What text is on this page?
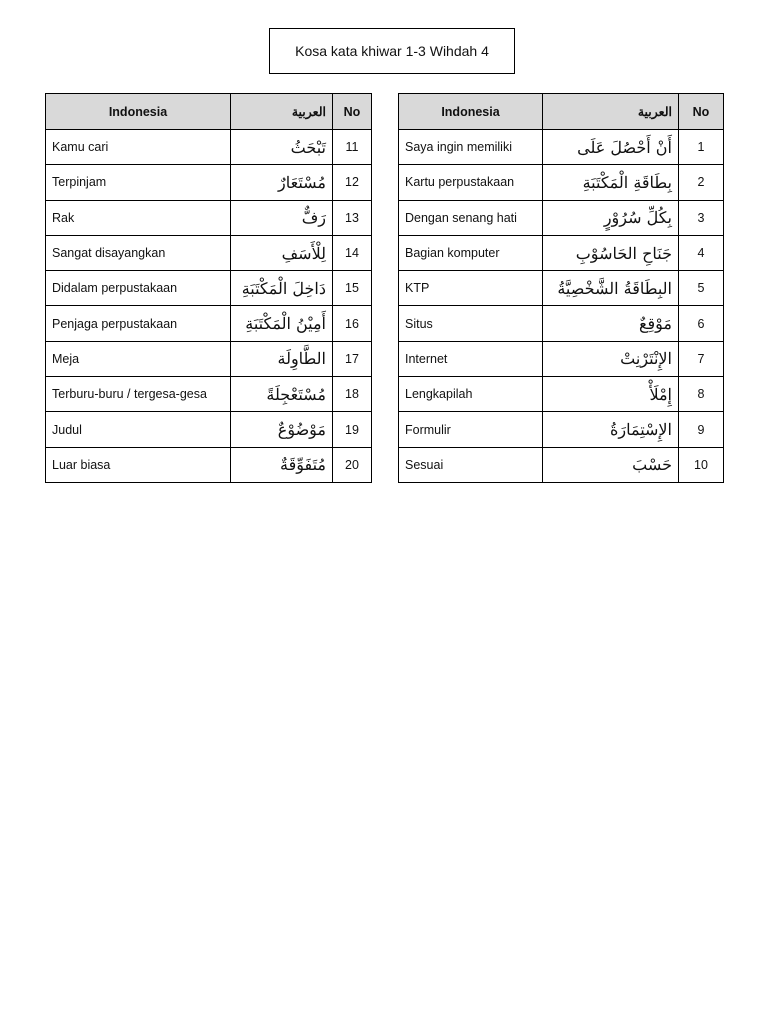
Kosa kata khiwar 1-3 Wihdah 4
Indonesia	العربية	No
Kamu cari	تَبْحَثُ	11
Terpinjam	مُسْتَعَارٌ	12
Rak	رَفٌّ	13
Sangat disayangkan	لِلْأَسَفِ	14
Didalam perpustakaan	دَاخِلَ الْمَكْتَبَةِ	15
Penjaga perpustakaan	أَمِيْنُ الْمَكْتَبَةِ	16
Meja	الطَّاوِلَة	17
Terburu-buru / tergesa-gesa	مُسْتَعْجِلَةً	18
Judul	مَوْضُوْعٌ	19
Luar biasa	مُتَفَوِّقَةٌ	20
Indonesia	العربية	No
Saya ingin memiliki	أَنْ أَحْصُلَ عَلَى	1
Kartu perpustakaan	بِطَاقَةِ الْمَكْتَبَةِ	2
Dengan senang hati	بِكُلِّ سُرُوْرٍ	3
Bagian komputer	جَنَاحِ الحَاسُوْبِ	4
KTP	البِطَاقَةُ الشَّخْصِيَّةُ	5
Situs	مَوْقِعٌ	6
Internet	الإِنْتَرْنِتْ	7
Lengkapilah	إِمْلَأْ	8
Formulir	الإِسْتِمَارَةُ	9
Sesuai	حَسْبَ	10
